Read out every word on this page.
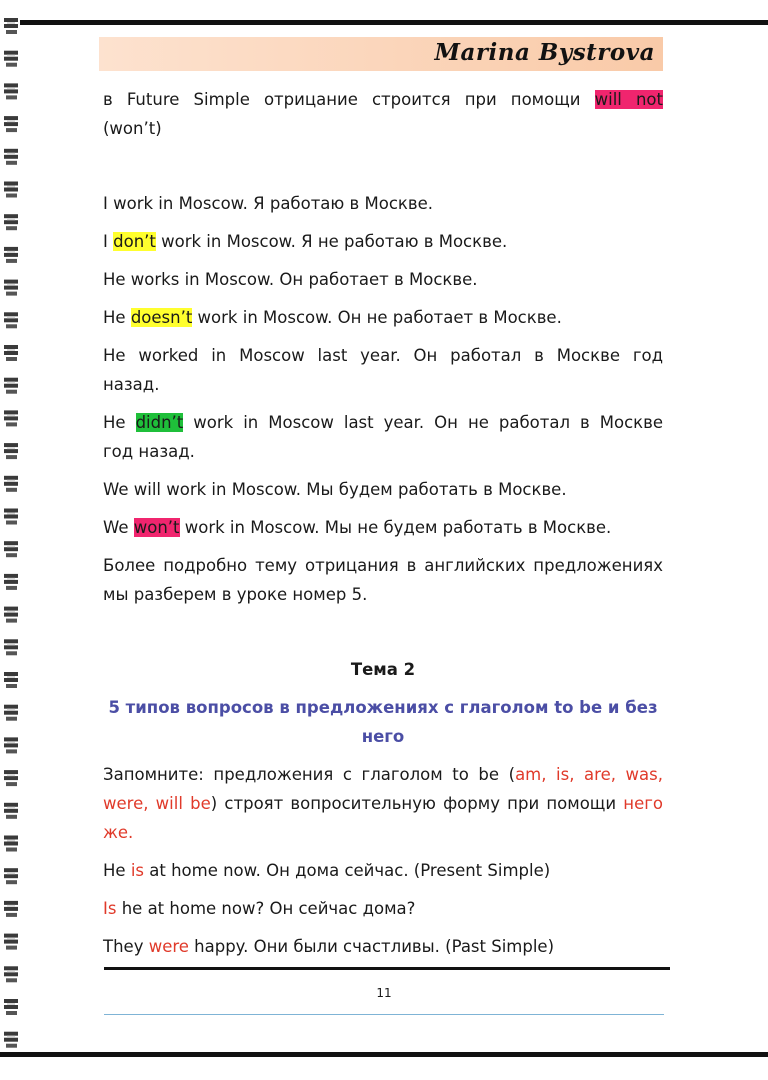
Marina Bystrova

в Future Simple отрицание строится при помощи will not

(won’t)

I work in Moscow. Я работаю в Москве.

I don’t work in Moscow. Я не работаю в Москве.

He works in Moscow. Он работает в Москве.

He doesn’t work in Moscow. Он не работает в Москве.

He worked in Moscow last year. Он работал в Москве год

назад.

He didn’t work in Moscow last year. Он не работал в Москве

год назад.

We will work in Moscow. Мы будем работать в Москве.

We won’t work in Moscow. Мы не будем работать в Москве.

Более подробно тему отрицания в английских предложениях

мы разберем в уроке номер 5.

Тема 2

5 типов вопросов в предложениях с глаголом to be и без

него

Запомните: предложения с глаголом to be (am, is, are, was,

were, will be) строят вопросительную форму при помощи него

же.

He is at home now. Он дома сейчас. (Present Simple)

Is he at home now? Он сейчас дома?

They were happy. Они были счастливы. (Past Simple)

11
